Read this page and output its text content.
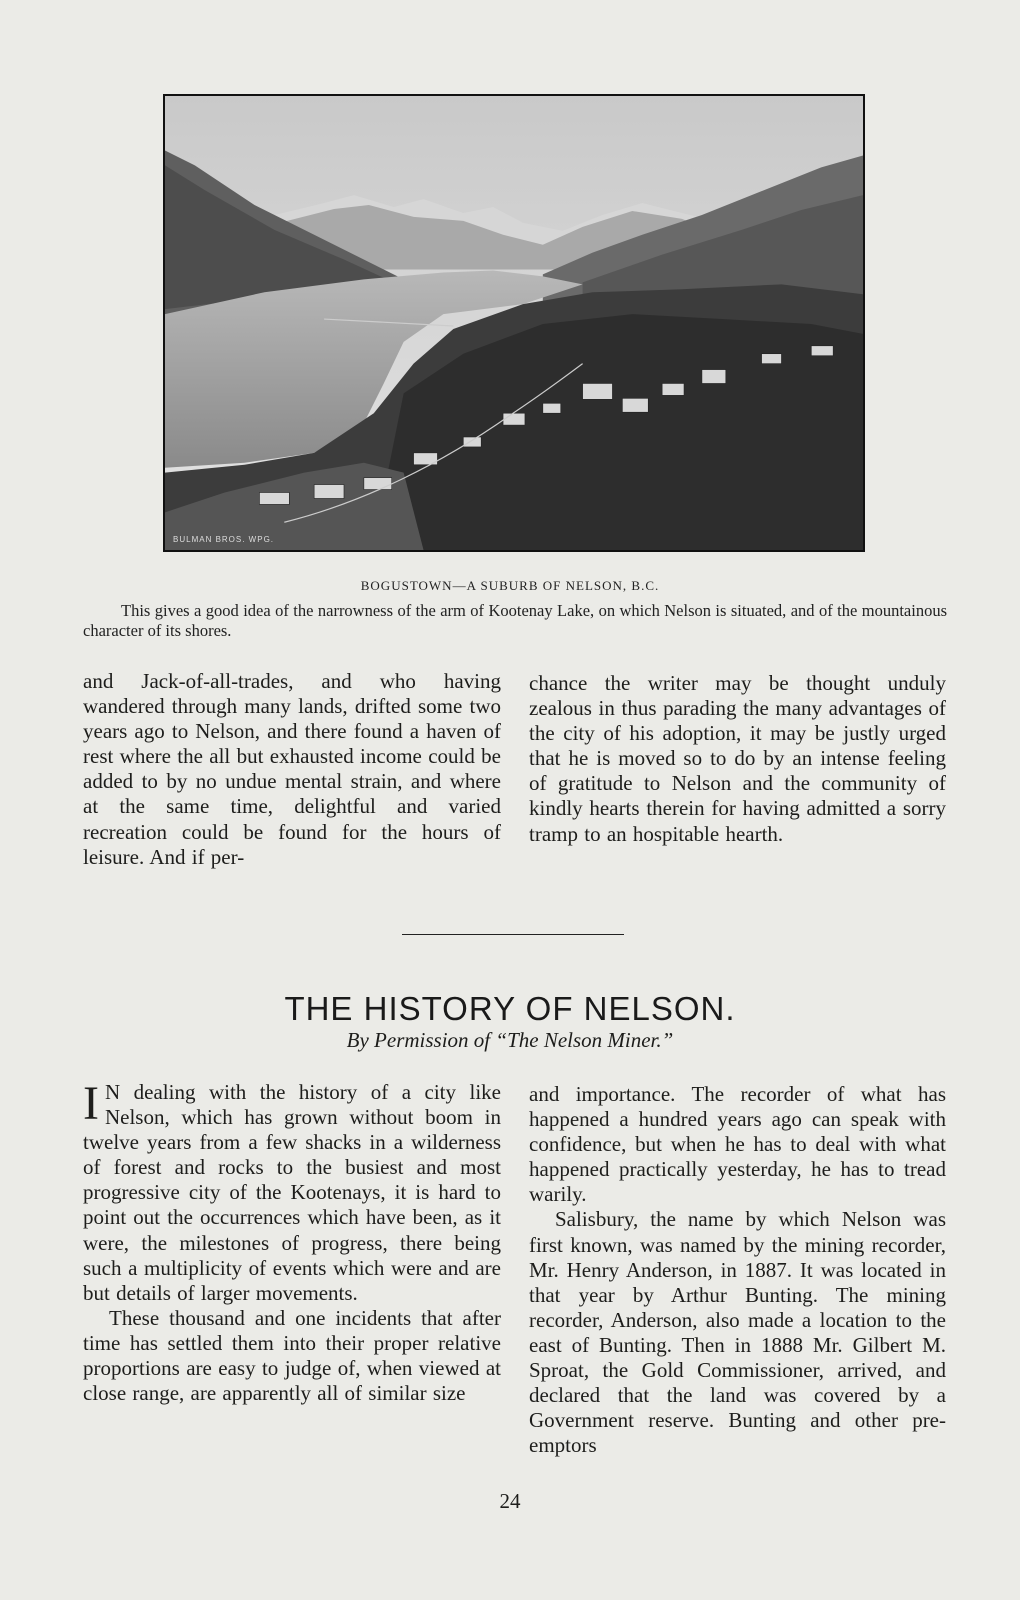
BULMAN BROS. WPG.
BOGUSTOWN—A SUBURB OF NELSON, B.C.
This gives a good idea of the narrowness of the arm of Kootenay Lake, on which Nelson is situated, and of the mountainous character of its shores.

and Jack-of-all-trades, and who having wandered through many lands, drifted some two years ago to Nelson, and there found a haven of rest where the all but exhausted income could be added to by no undue mental strain, and where at the same time, delightful and varied recreation could be found for the hours of leisure. And if per-

chance the writer may be thought unduly zealous in thus parading the many advantages of the city of his adoption, it may be justly urged that he is moved so to do by an intense feeling of gratitude to Nelson and the community of kindly hearts therein for having admitted a sorry tramp to an hospitable hearth.

THE HISTORY OF NELSON.
By Permission of “The Nelson Miner.”

I N dealing with the history of a city like Nelson, which has grown without boom in twelve years from a few shacks in a wilderness of forest and rocks to the busiest and most progressive city of the Kootenays, it is hard to point out the occurrences which have been, as it were, the milestones of progress, there being such a multiplicity of events which were and are but details of larger movements.

These thousand and one incidents that after time has settled them into their proper relative proportions are easy to judge of, when viewed at close range, are apparently all of similar size

and importance. The recorder of what has happened a hundred years ago can speak with confidence, but when he has to deal with what happened practically yesterday, he has to tread warily.

Salisbury, the name by which Nelson was first known, was named by the mining recorder, Mr. Henry Anderson, in 1887. It was located in that year by Arthur Bunting. The mining recorder, Anderson, also made a location to the east of Bunting. Then in 1888 Mr. Gilbert M. Sproat, the Gold Commissioner, arrived, and declared that the land was covered by a Government reserve. Bunting and other pre-emptors

24
